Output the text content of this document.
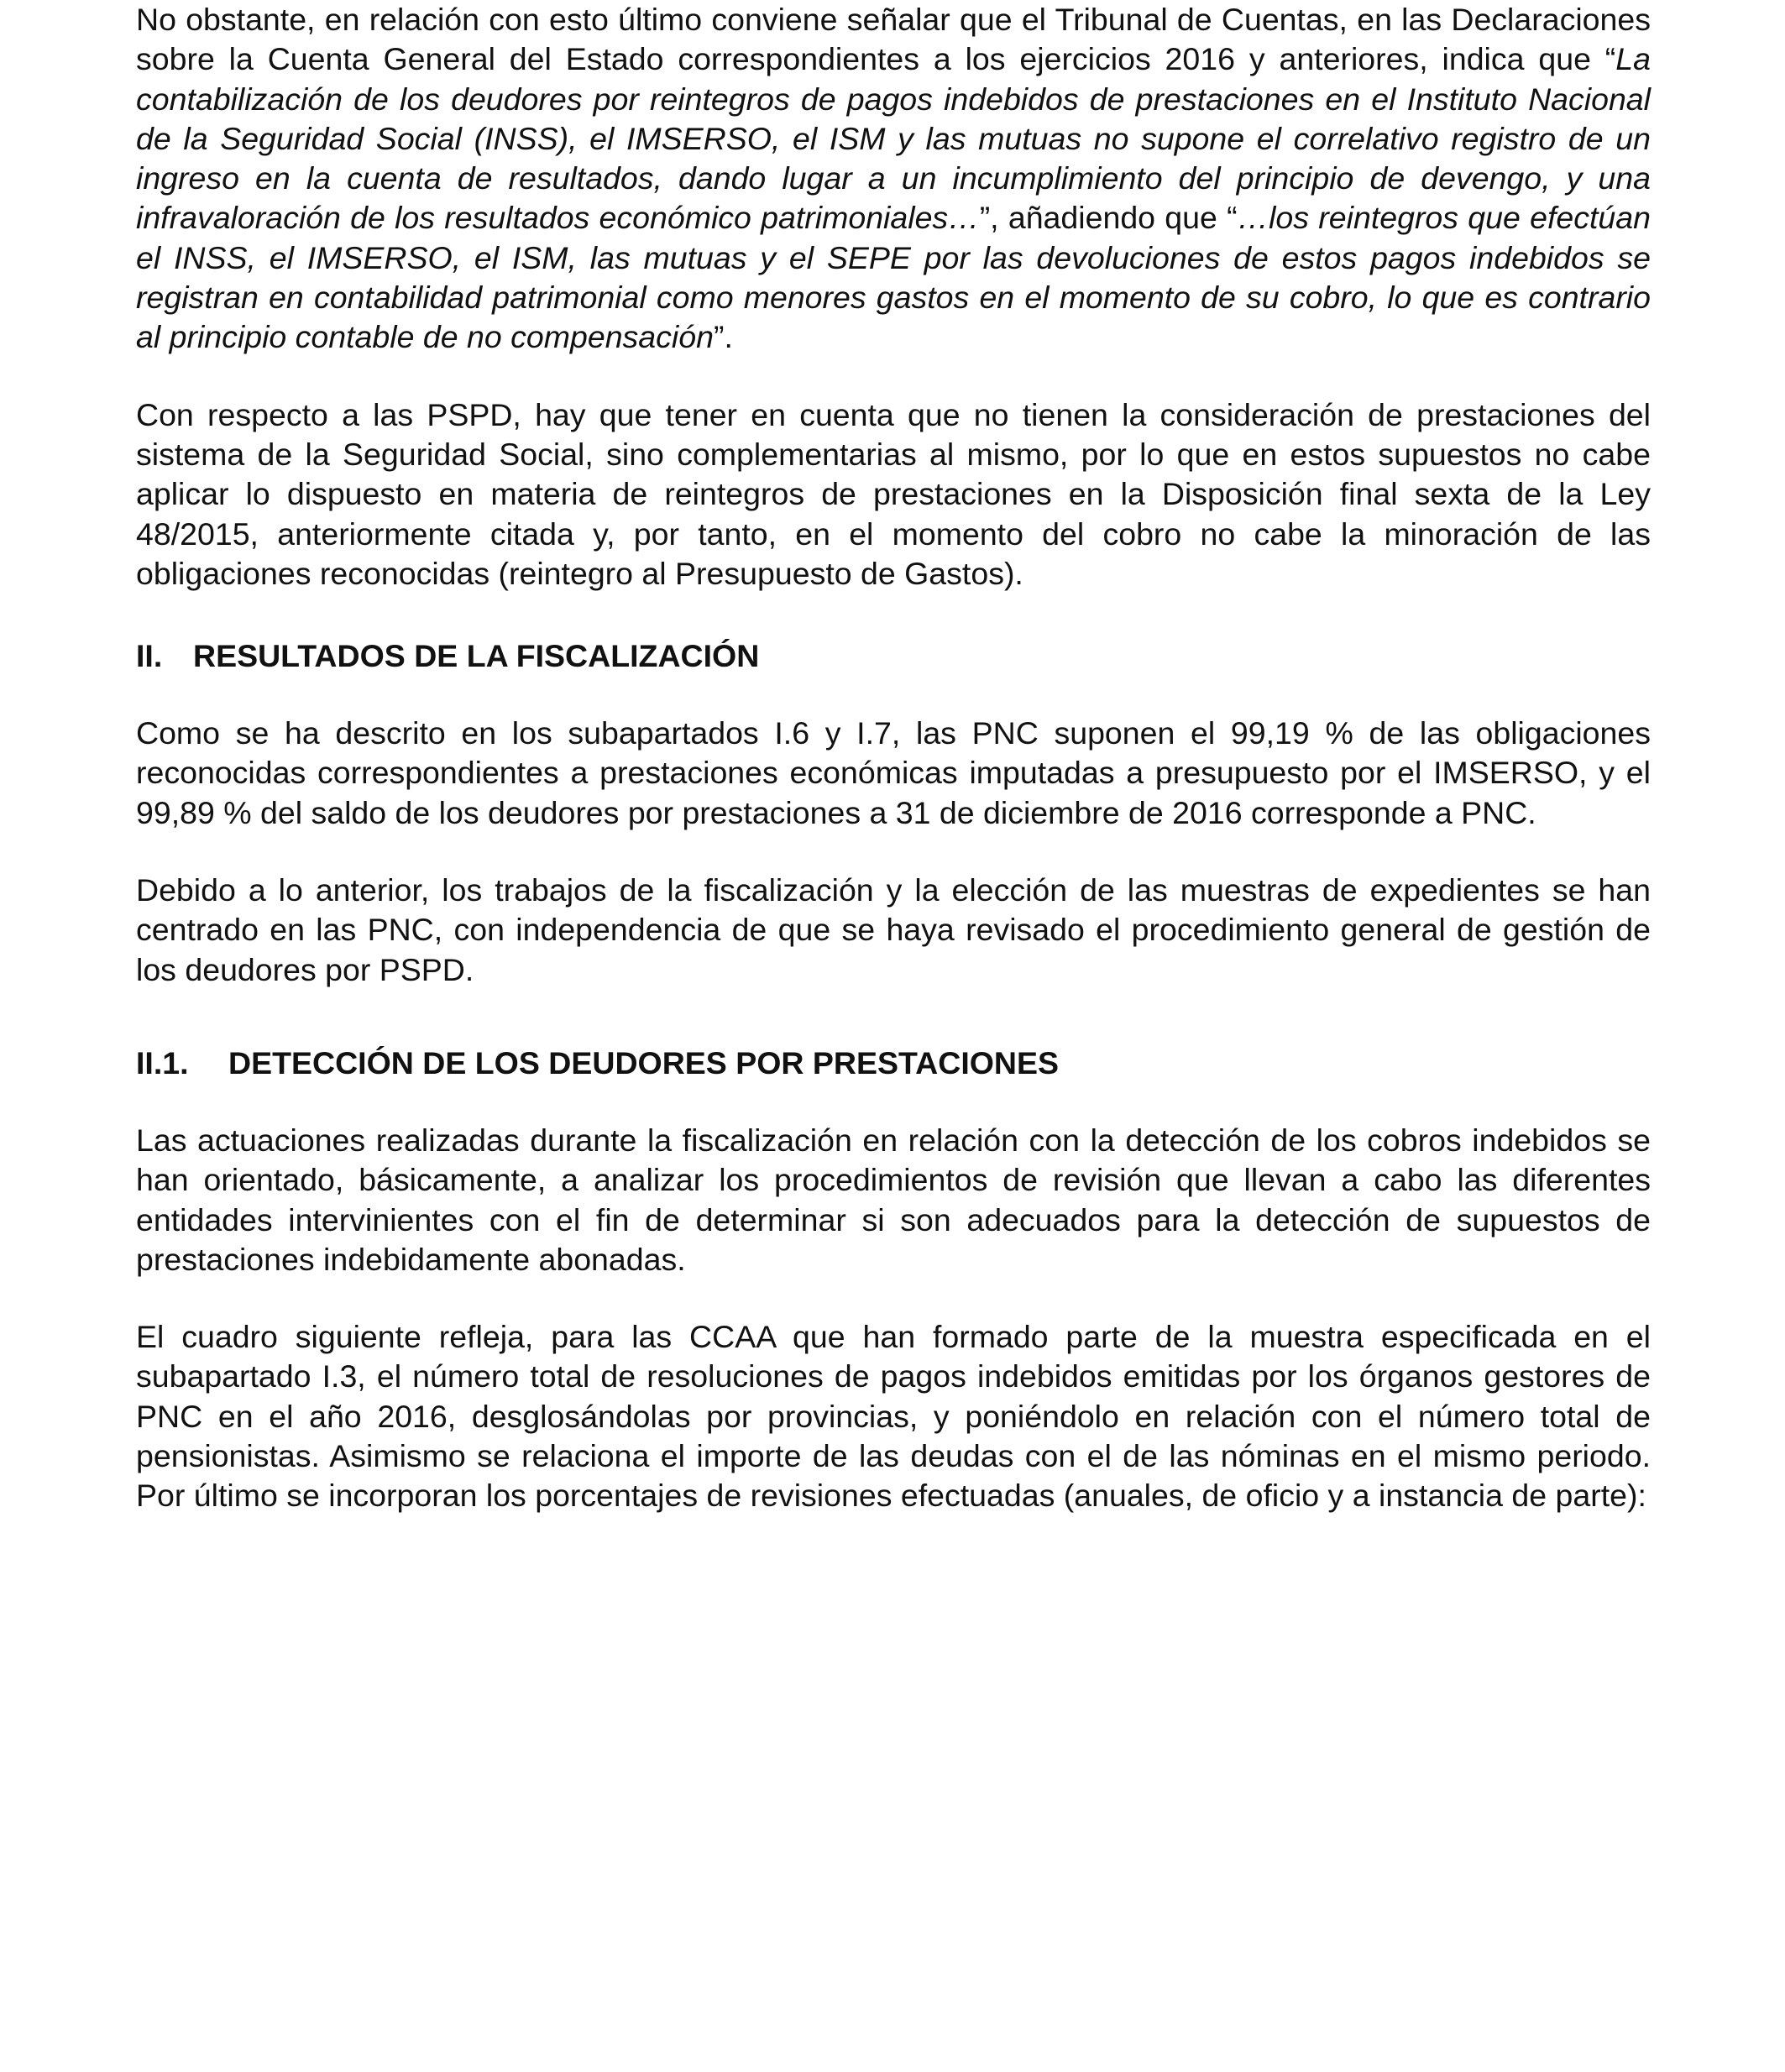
No obstante, en relación con esto último conviene señalar que el Tribunal de Cuentas, en las Declaraciones sobre la Cuenta General del Estado correspondientes a los ejercicios 2016 y anteriores, indica que “La contabilización de los deudores por reintegros de pagos indebidos de prestaciones en el Instituto Nacional de la Seguridad Social (INSS), el IMSERSO, el ISM y las mutuas no supone el correlativo registro de un ingreso en la cuenta de resultados, dando lugar a un incumplimiento del principio de devengo, y una infravaloración de los resultados económico patrimoniales…”, añadiendo que “…los reintegros que efectúan el INSS, el IMSERSO, el ISM, las mutuas y el SEPE por las devoluciones de estos pagos indebidos se registran en contabilidad patrimonial como menores gastos en el momento de su cobro, lo que es contrario al principio contable de no compensación”.

Con respecto a las PSPD, hay que tener en cuenta que no tienen la consideración de prestaciones del sistema de la Seguridad Social, sino complementarias al mismo, por lo que en estos supuestos no cabe aplicar lo dispuesto en materia de reintegros de prestaciones en la Disposición final sexta de la Ley 48/2015, anteriormente citada y, por tanto, en el momento del cobro no cabe la minoración de las obligaciones reconocidas (reintegro al Presupuesto de Gastos).

II. RESULTADOS DE LA FISCALIZACIÓN

Como se ha descrito en los subapartados I.6 y I.7, las PNC suponen el 99,19 % de las obligaciones reconocidas correspondientes a prestaciones económicas imputadas a presupuesto por el IMSERSO, y el 99,89 % del saldo de los deudores por prestaciones a 31 de diciembre de 2016 corresponde a PNC.

Debido a lo anterior, los trabajos de la fiscalización y la elección de las muestras de expedientes se han centrado en las PNC, con independencia de que se haya revisado el procedimiento general de gestión de los deudores por PSPD.

II.1.	DETECCIÓN DE LOS DEUDORES POR PRESTACIONES

Las actuaciones realizadas durante la fiscalización en relación con la detección de los cobros indebidos se han orientado, básicamente, a analizar los procedimientos de revisión que llevan a cabo las diferentes entidades intervinientes con el fin de determinar si son adecuados para la detección de supuestos de prestaciones indebidamente abonadas.

El cuadro siguiente refleja, para las CCAA que han formado parte de la muestra especificada en el subapartado I.3, el número total de resoluciones de pagos indebidos emitidas por los órganos gestores de PNC en el año 2016, desglosándolas por provincias, y poniéndolo en relación con el número total de pensionistas. Asimismo se relaciona el importe de las deudas con el de las nóminas en el mismo periodo. Por último se incorporan los porcentajes de revisiones efectuadas (anuales, de oficio y a instancia de parte):
